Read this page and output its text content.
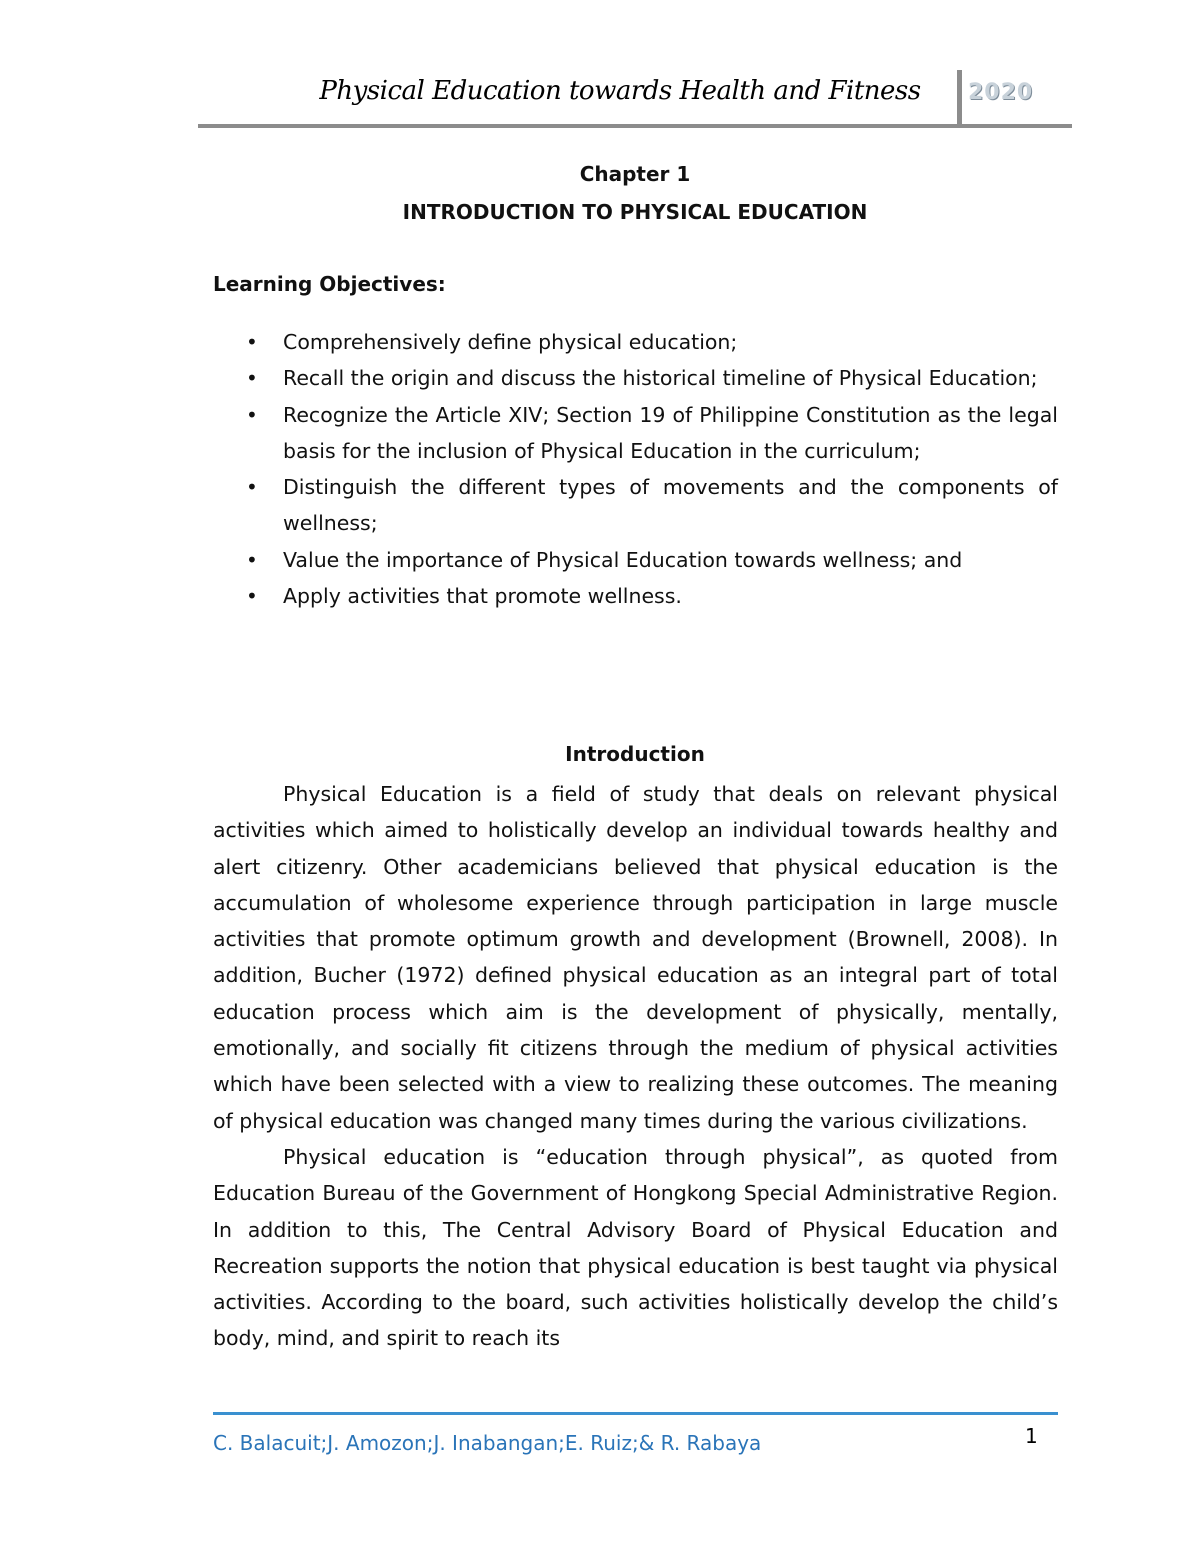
Physical Education towards Health and Fitness	2020
Chapter 1
INTRODUCTION TO PHYSICAL EDUCATION
Learning Objectives:
• Comprehensively define physical education;
• Recall the origin and discuss the historical timeline of Physical Education;
• Recognize the Article XIV; Section 19 of Philippine Constitution as the legal basis for the inclusion of Physical Education in the curriculum;
• Distinguish the different types of movements and the components of wellness;
• Value the importance of Physical Education towards wellness; and
• Apply activities that promote wellness.
Introduction

Physical Education is a field of study that deals on relevant physical activities which aimed to holistically develop an individual towards healthy and alert citizenry. Other academicians believed that physical education is the accumulation of wholesome experience through participation in large muscle activities that promote optimum growth and development (Brownell, 2008). In addition, Bucher (1972) defined physical education as an integral part of total education process which aim is the development of physically, mentally, emotionally, and socially fit citizens through the medium of physical activities which have been selected with a view to realizing these outcomes. The meaning of physical education was changed many times during the various civilizations.

Physical education is “education through physical”, as quoted from Education Bureau of the Government of Hongkong Special Administrative Region. In addition to this, The Central Advisory Board of Physical Education and Recreation supports the notion that physical education is best taught via physical activities. According to the board, such activities holistically develop the child’s body, mind, and spirit to reach its

C. Balacuit;J. Amozon;J. Inabangan;E. Ruiz;& R. Rabaya	1
